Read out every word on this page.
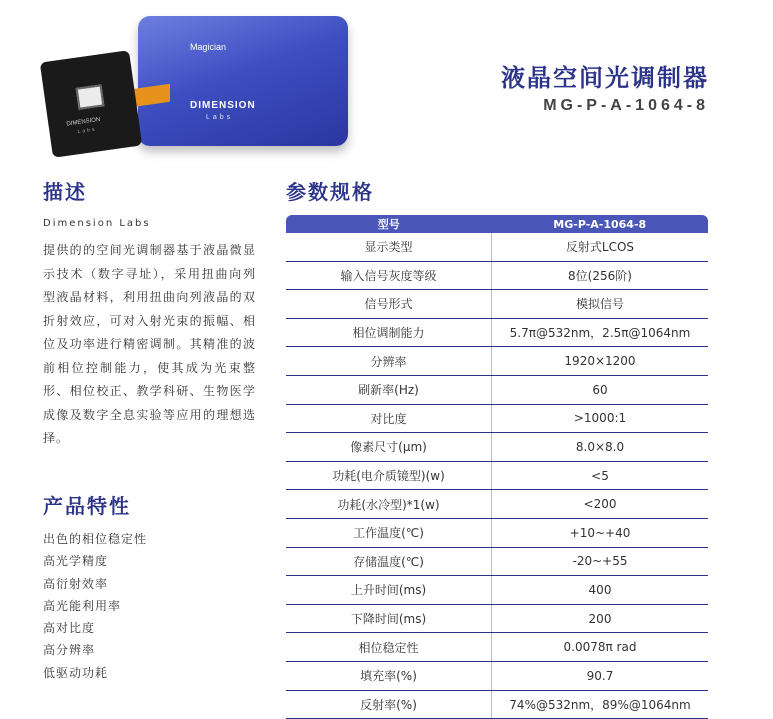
Magician
DIMENSION
Labs
DIMENSION
Labs
液晶空间光调制器
MG-P-A-1064-8
描述
Dimension Labs
提供的的空间光调制器基于液晶微显示技术（数字寻址），采用扭曲向列型液晶材料，利用扭曲向列液晶的双折射效应，可对入射光束的振幅、相位及功率进行精密调制。其精准的波前相位控制能力，使其成为光束整形、相位校正、教学科研、生物医学成像及数字全息实验等应用的理想选择。
产品特性
出色的相位稳定性
高光学精度
高衍射效率
高光能利用率
高对比度
高分辨率
低驱动功耗
参数规格
型号	MG-P-A-1064-8
显示类型	反射式LCOS
输入信号灰度等级	8位(256阶)
信号形式	模拟信号
相位调制能力	5.7π@532nm，2.5π@1064nm
分辨率	1920×1200
刷新率(Hz)	60
对比度	>1000:1
像素尺寸(μm)	8.0×8.0
功耗(电介质镜型)(w)	<5
功耗(水冷型)*1(w)	<200
工作温度(℃)	+10~+40
存储温度(℃)	-20~+55
上升时间(ms)	400
下降时间(ms)	200
相位稳定性	0.0078π rad
填充率(%)	90.7
反射率(%)	74%@532nm，89%@1064nm
